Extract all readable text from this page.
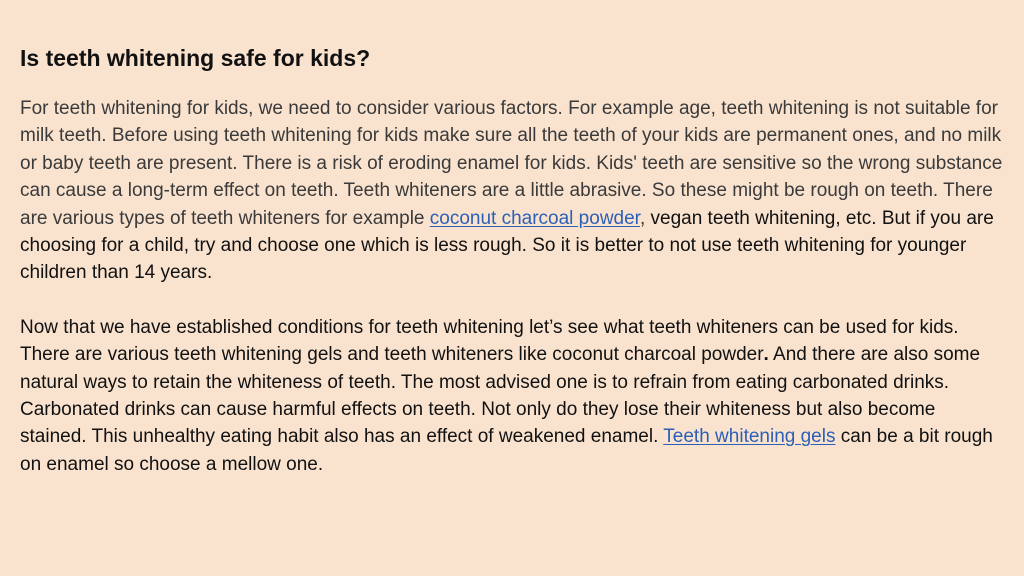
Is teeth whitening safe for kids?

For teeth whitening for kids, we need to consider various factors. For example age, teeth whitening is not suitable for milk teeth. Before using teeth whitening for kids make sure all the teeth of your kids are permanent ones, and no milk or baby teeth are present. There is a risk of eroding enamel for kids. Kids' teeth are sensitive so the wrong substance can cause a long-term effect on teeth. Teeth whiteners are a little abrasive. So these might be rough on teeth. There are various types of teeth whiteners for example coconut charcoal powder, vegan teeth whitening, etc. But if you are choosing for a child, try and choose one which is less rough. So it is better to not use teeth whitening for younger children than 14 years.

Now that we have established conditions for teeth whitening let’s see what teeth whiteners can be used for kids. There are various teeth whitening gels and teeth whiteners like coconut charcoal powder. And there are also some natural ways to retain the whiteness of teeth. The most advised one is to refrain from eating carbonated drinks. Carbonated drinks can cause harmful effects on teeth. Not only do they lose their whiteness but also become stained. This unhealthy eating habit also has an effect of weakened enamel. Teeth whitening gels can be a bit rough on enamel so choose a mellow one.
